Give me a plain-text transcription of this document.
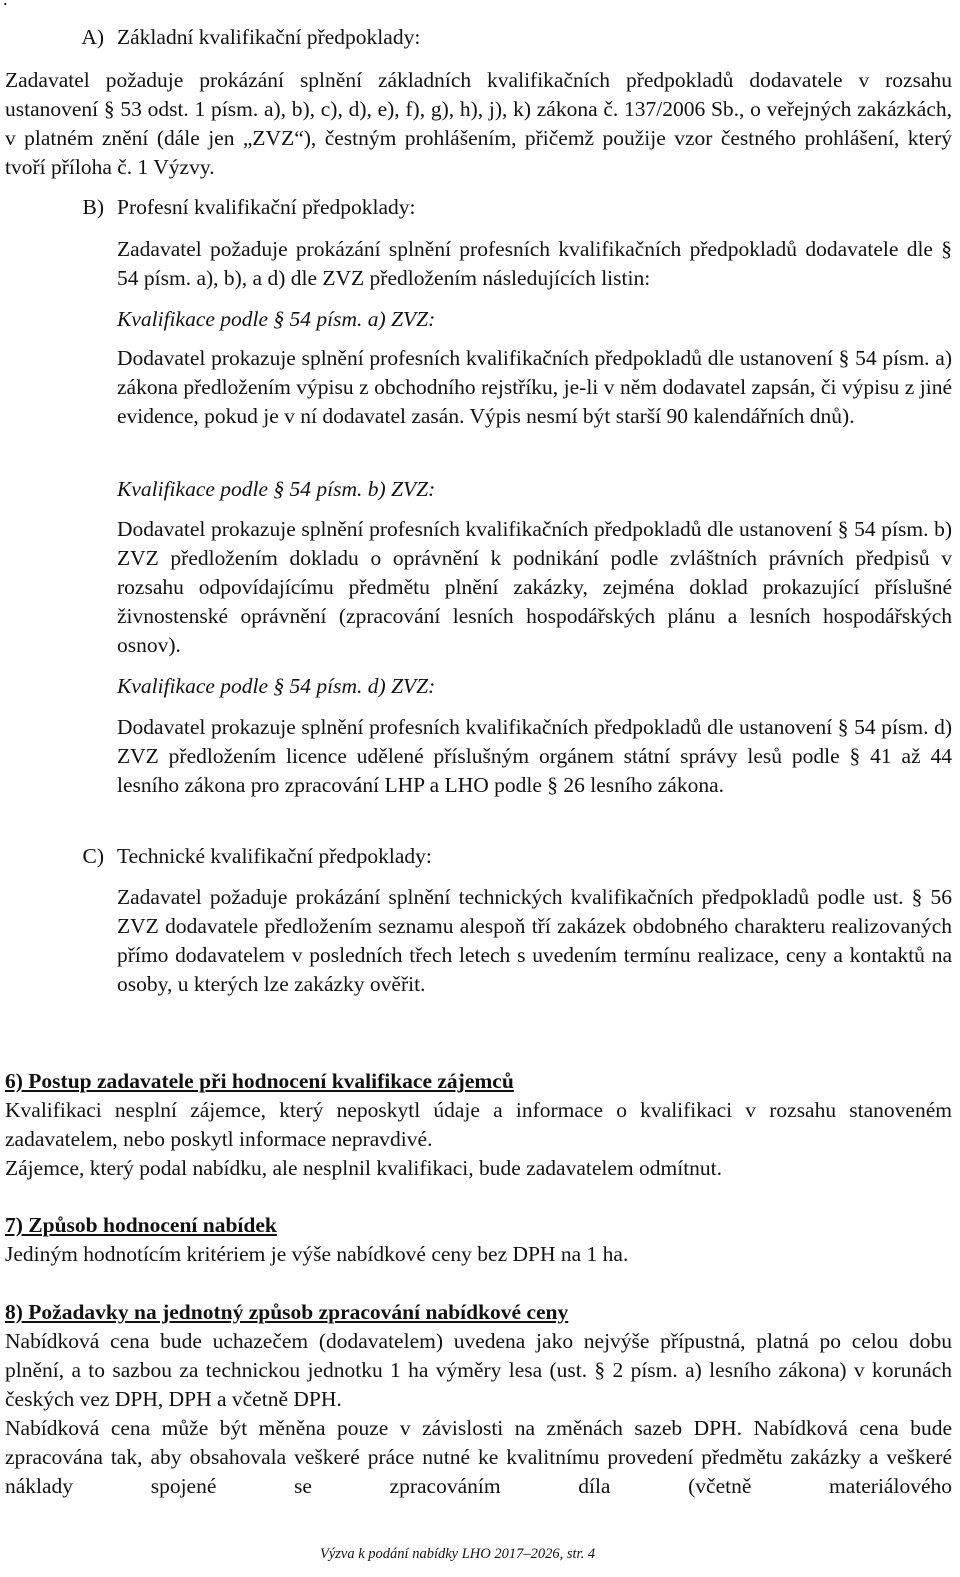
A) Základní kvalifikační předpoklady:

Zadavatel požaduje prokázání splnění základních kvalifikačních předpokladů dodavatele v rozsahu ustanovení § 53 odst. 1 písm. a), b), c), d), e), f), g), h), j), k) zákona č. 137/2006 Sb., o veřejných zakázkách, v platném znění (dále jen „ZVZ“), čestným prohlášením, přičemž použije vzor čestného prohlášení, který tvoří příloha č. 1 Výzvy.

B) Profesní kvalifikační předpoklady:

Zadavatel požaduje prokázání splnění profesních kvalifikačních předpokladů dodavatele dle § 54 písm. a), b), a d) dle ZVZ předložením následujících listin:

Kvalifikace podle § 54 písm. a) ZVZ:

Dodavatel prokazuje splnění profesních kvalifikačních předpokladů dle ustanovení § 54 písm. a) zákona předložením výpisu z obchodního rejstříku, je-li v něm dodavatel zapsán, či výpisu z jiné evidence, pokud je v ní dodavatel zasán. Výpis nesmí být starší 90 kalendářních dnů).

Kvalifikace podle § 54 písm. b) ZVZ:

Dodavatel prokazuje splnění profesních kvalifikačních předpokladů dle ustanovení § 54 písm. b) ZVZ předložením dokladu o oprávnění k podnikání podle zvláštních právních předpisů v rozsahu odpovídajícímu předmětu plnění zakázky, zejména doklad prokazující příslušné živnostenské oprávnění (zpracování lesních hospodářských plánu a lesních hospodářských osnov).

Kvalifikace podle § 54 písm. d) ZVZ:

Dodavatel prokazuje splnění profesních kvalifikačních předpokladů dle ustanovení § 54 písm. d) ZVZ předložením licence udělené příslušným orgánem státní správy lesů podle § 41 až 44 lesního zákona pro zpracování LHP a LHO podle § 26 lesního zákona.

C) Technické kvalifikační předpoklady:

Zadavatel požaduje prokázání splnění technických kvalifikačních předpokladů podle ust. § 56 ZVZ dodavatele předložením seznamu alespoň tří zakázek obdobného charakteru realizovaných přímo dodavatelem v posledních třech letech s uvedením termínu realizace, ceny a kontaktů na osoby, u kterých lze zakázky ověřit.

6) Postup zadavatele při hodnocení kvalifikace zájemců

Kvalifikaci nesplní zájemce, který neposkytl údaje a informace o kvalifikaci v rozsahu stanoveném zadavatelem, nebo poskytl informace nepravdivé.

Zájemce, který podal nabídku, ale nesplnil kvalifikaci, bude zadavatelem odmítnut.

7) Způsob hodnocení nabídek

Jediným hodnotícím kritériem je výše nabídkové ceny bez DPH na 1 ha.

8) Požadavky na jednotný způsob zpracování nabídkové ceny

Nabídková cena bude uchazečem (dodavatelem) uvedena jako nejvýše přípustná, platná po celou dobu plnění, a to sazbou za technickou jednotku 1 ha výměry lesa (ust. § 2 písm. a) lesního zákona) v korunách českých vez DPH, DPH a včetně DPH.

Nabídková cena může být měněna pouze v závislosti na změnách sazeb DPH. Nabídková cena bude zpracována tak, aby obsahovala veškeré práce nutné ke kvalitnímu provedení předmětu zakázky a veškeré náklady spojené se zpracováním díla (včetně materiálového

Výzva k podání nabídky LHO 2017–2026, str. 4
